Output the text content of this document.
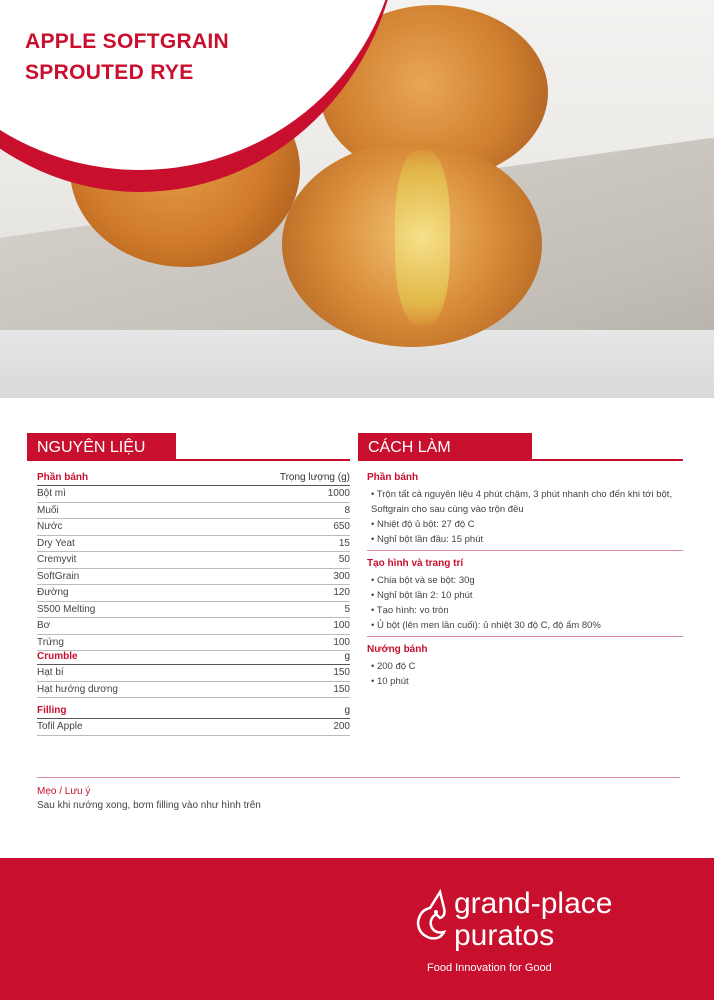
APPLE SOFTGRAIN
SPROUTED RYE
NGUYÊN LIỆU
Phần bánh	Trọng lượng (g)
Bột mì	1000
Muối	8
Nước	650
Dry Yeat	15
Cremyvit	50
SoftGrain	300
Đường	120
S500 Melting	5
Bơ	100
Trứng	100
Crumble	g
Hạt bí	150
Hạt hướng dương	150
Filling	g
Tofil Apple	200
CÁCH LÀM
Phần bánh
• Trộn tất cả nguyên liệu 4 phút chậm, 3 phút nhanh cho đến khi tới bột, Softgrain cho sau cùng vào trộn đều
• Nhiệt độ ủ bột: 27 độ C
• Nghỉ bột lần đầu: 15 phút
Tạo hình và trang trí
• Chia bột và se bột: 30g
• Nghỉ bột lần 2: 10 phút
• Tạo hình: vo tròn
• Ủ bột (lên men lần cuối): ủ nhiệt 30 độ C, độ ẩm 80%
Nướng bánh
• 200 độ C
• 10 phút
Mẹo / Lưu ý
Sau khi nướng xong, bơm filling vào như hình trên
grand-place
puratos
Food Innovation for Good
